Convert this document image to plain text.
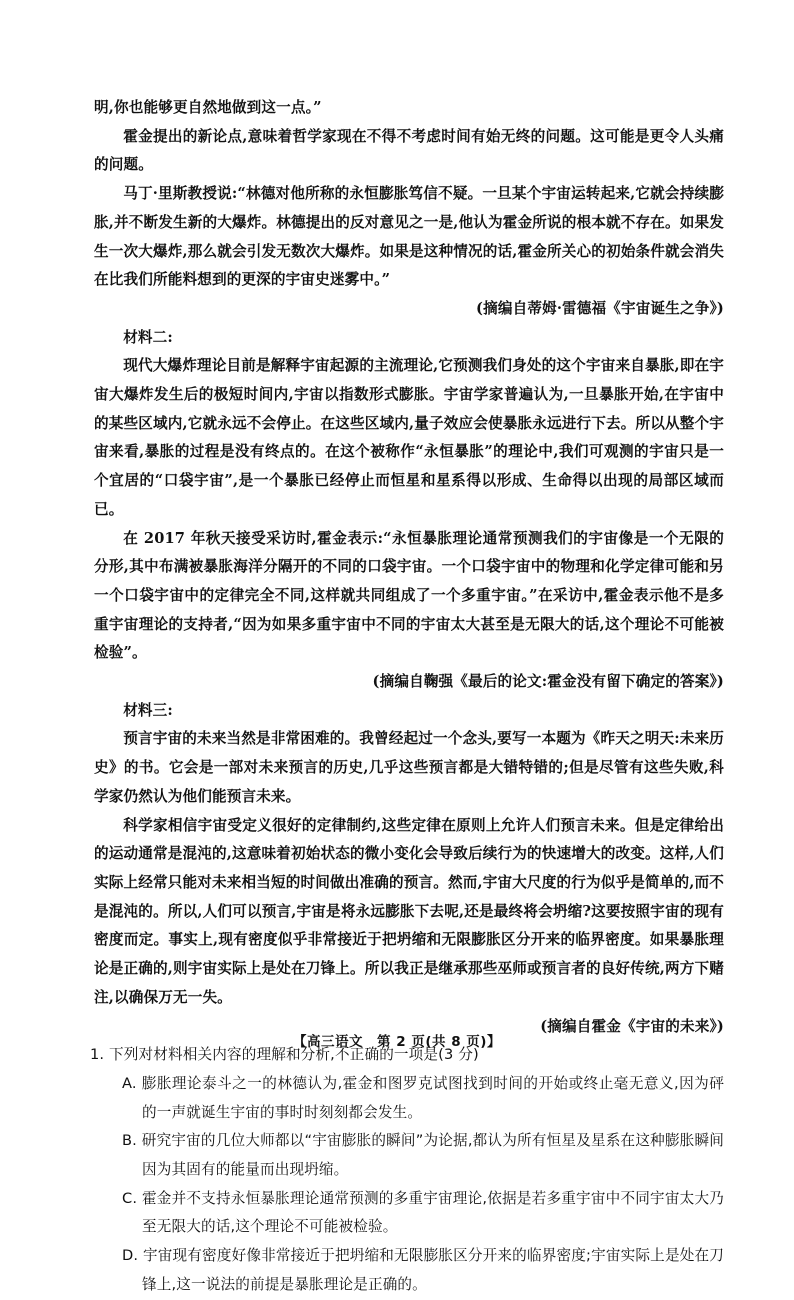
明,你也能够更自然地做到这一点。”

霍金提出的新论点,意味着哲学家现在不得不考虑时间有始无终的问题。这可能是更令人头痛的问题。

马丁·里斯教授说:“林德对他所称的永恒膨胀笃信不疑。一旦某个宇宙运转起来,它就会持续膨胀,并不断发生新的大爆炸。林德提出的反对意见之一是,他认为霍金所说的根本就不存在。如果发生一次大爆炸,那么就会引发无数次大爆炸。如果是这种情况的话,霍金所关心的初始条件就会消失在比我们所能料想到的更深的宇宙史迷雾中。”

(摘编自蒂姆·雷德福《宇宙诞生之争》)

材料二:

现代大爆炸理论目前是解释宇宙起源的主流理论,它预测我们身处的这个宇宙来自暴胀,即在宇宙大爆炸发生后的极短时间内,宇宙以指数形式膨胀。宇宙学家普遍认为,一旦暴胀开始,在宇宙中的某些区域内,它就永远不会停止。在这些区域内,量子效应会使暴胀永远进行下去。所以从整个宇宙来看,暴胀的过程是没有终点的。在这个被称作“永恒暴胀”的理论中,我们可观测的宇宙只是一个宜居的“口袋宇宙”,是一个暴胀已经停止而恒星和星系得以形成、生命得以出现的局部区域而已。

在 2017 年秋天接受采访时,霍金表示:“永恒暴胀理论通常预测我们的宇宙像是一个无限的分形,其中布满被暴胀海洋分隔开的不同的口袋宇宙。一个口袋宇宙中的物理和化学定律可能和另一个口袋宇宙中的定律完全不同,这样就共同组成了一个多重宇宙。”在采访中,霍金表示他不是多重宇宙理论的支持者,“因为如果多重宇宙中不同的宇宙太大甚至是无限大的话,这个理论不可能被检验”。

(摘编自鞠强《最后的论文:霍金没有留下确定的答案》)

材料三:

预言宇宙的未来当然是非常困难的。我曾经起过一个念头,要写一本题为《昨天之明天:未来历史》的书。它会是一部对未来预言的历史,几乎这些预言都是大错特错的;但是尽管有这些失败,科学家仍然认为他们能预言未来。

科学家相信宇宙受定义很好的定律制约,这些定律在原则上允许人们预言未来。但是定律给出的运动通常是混沌的,这意味着初始状态的微小变化会导致后续行为的快速增大的改变。这样,人们实际上经常只能对未来相当短的时间做出准确的预言。然而,宇宙大尺度的行为似乎是简单的,而不是混沌的。所以,人们可以预言,宇宙是将永远膨胀下去呢,还是最终将会坍缩?这要按照宇宙的现有密度而定。事实上,现有密度似乎非常接近于把坍缩和无限膨胀区分开来的临界密度。如果暴胀理论是正确的,则宇宙实际上是处在刀锋上。所以我正是继承那些巫师或预言者的良好传统,两方下赌注,以确保万无一失。

(摘编自霍金《宇宙的未来》)

1. 下列对材料相关内容的理解和分析,不正确的一项是(3 分)

A. 膨胀理论泰斗之一的林德认为,霍金和图罗克试图找到时间的开始或终止毫无意义,因为砰的一声就诞生宇宙的事时时刻刻都会发生。

B. 研究宇宙的几位大师都以“宇宙膨胀的瞬间”为论据,都认为所有恒星及星系在这种膨胀瞬间因为其固有的能量而出现坍缩。

C. 霍金并不支持永恒暴胀理论通常预测的多重宇宙理论,依据是若多重宇宙中不同宇宙太大乃至无限大的话,这个理论不可能被检验。

D. 宇宙现有密度好像非常接近于把坍缩和无限膨胀区分开来的临界密度;宇宙实际上是处在刀锋上,这一说法的前提是暴胀理论是正确的。

【高三语文　第 2 页(共 8 页)】
